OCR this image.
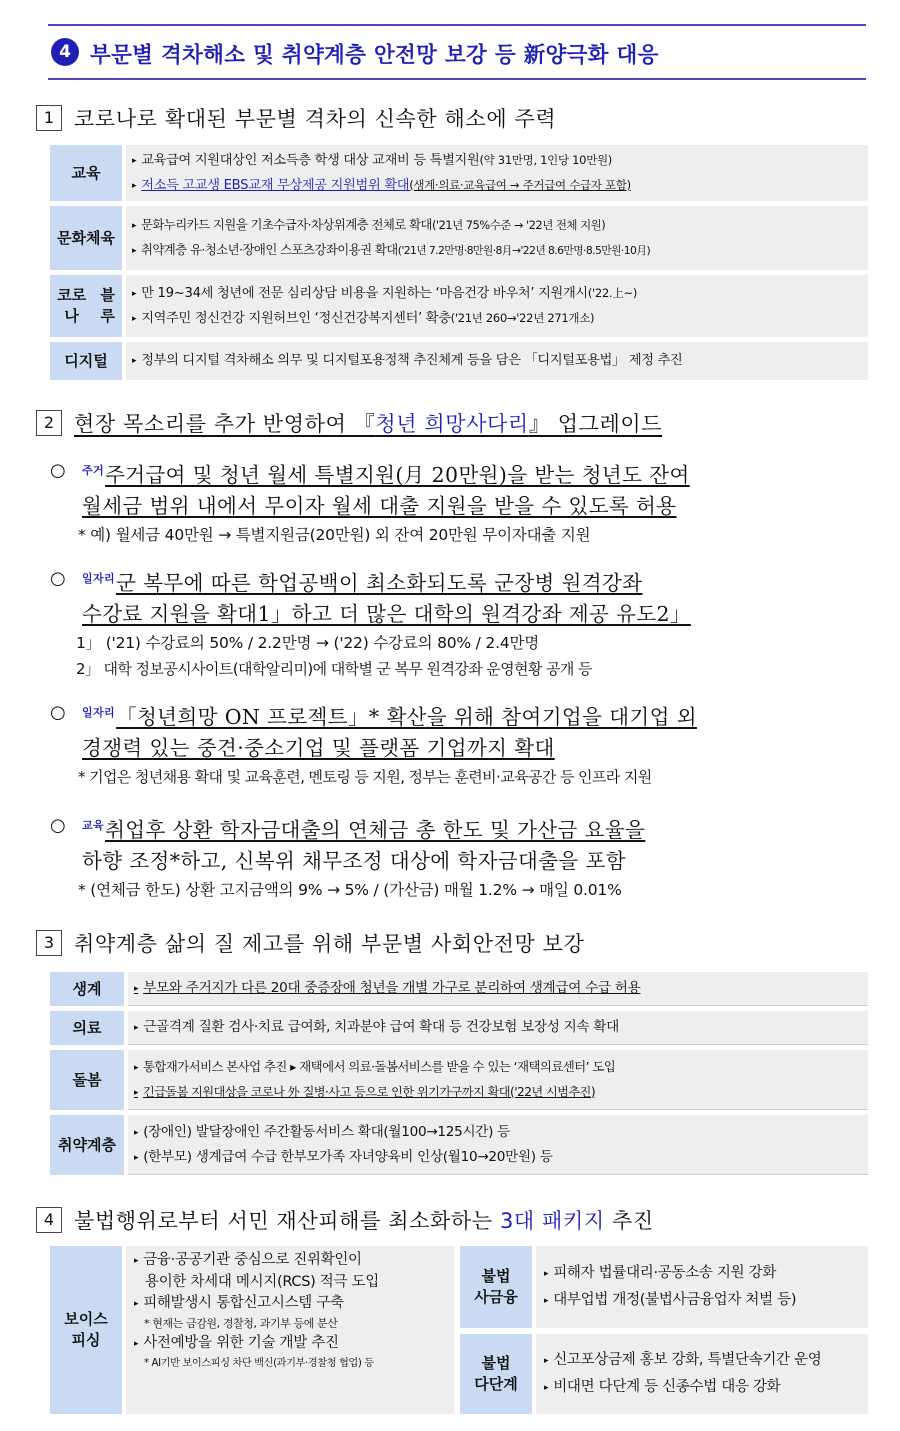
4 부문별 격차해소 및 취약계층 안전망 보강 등 新양극화 대응
1 코로나로 확대된 부문별 격차의 신속한 해소에 주력
교육
▸ 교육급여 지원대상인 저소득층 학생 대상 교재비 등 특별지원(약 31만명, 1인당 10만원)
▸ 저소득 고교생 EBS교재 무상제공 지원범위 확대(생계·의료·교육급여 → 주거급여 수급자 포함)
문화 체육
▸ 문화누리카드 지원을 기초수급자·차상위계층 전체로 확대('21년 75%수준 → '22년 전체 지원)
▸ 취약계층 유·청소년·장애인 스포츠강좌이용권 확대('21년 7.2만명·8만원·8月→'22년 8.6만명·8.5만원·10月)
코로나

블루
▸ 만 19~34세 청년에 전문 심리상담 비용을 지원하는 ‘마음건강 바우처’ 지원개시('22.上~)
▸ 지역주민 정신건강 지원허브인 ‘정신건강복지센터’ 확충('21년 260→'22년 271개소)
디지털	▸ 정부의 디지털 격차해소 의무 및 디지털포용정책 추진체계 등을 담은 「디지털포용법」 제정 추진
2 현장 목소리를 추가 반영하여 『청년 희망사다리』 업그레이드
○	$^{주거}$주거급여 및 청년 월세 특별지원(月 20만원)을 받는 청년도 잔여
월세금 범위 내에서 무이자 월세 대출 지원을 받을 수 있도록 허용
* 예) 월세금 40만원 → 특별지원금(20만원) 외 잔여 20만원 무이자대출 지원
○	$^{일자리}$군 복무에 따른 학업공백이 최소화되도록 군장병 원격강좌
수강료 지원을 확대1」하고 더 많은 대학의 원격강좌 제공 유도2」
1」 ('21) 수강료의 50% / 2.2만명 → ('22) 수강료의 80% / 2.4만명
2」 대학 정보공시사이트(대학알리미)에 대학별 군 복무 원격강좌 운영현황 공개 등
○	$^{일자리}$「청년희망 ON 프로젝트」* 확산을 위해 참여기업을 대기업 외
경쟁력 있는 중견·중소기업 및 플랫폼 기업까지 확대
* 기업은 청년채용 확대 및 교육훈련, 멘토링 등 지원, 정부는 훈련비·교육공간 등 인프라 지원
○	$^{교육}$취업후 상환 학자금대출의 연체금 총 한도 및 가산금 요율을
하향 조정*하고, 신복위 채무조정 대상에 학자금대출을 포함
* (연체금 한도) 상환 고지금액의 9% → 5% / (가산금) 매월 1.2% → 매일 0.01%
3 취약계층 삶의 질 제고를 위해 부문별 사회안전망 보강
생계	▸ 부모와 주거지가 다른 20대 중증장애 청년을 개별 가구로 분리하여 생계급여 수급 허용
의료	▸ 근골격계 질환 검사·치료 급여화, 치과분야 급여 확대 등 건강보험 보장성 지속 확대
돌봄
▸ 통합재가서비스 본사업 추진 ▸ 재택에서 의료·돌봄서비스를 받을 수 있는 ‘재택의료센터’ 도입
▸ 긴급돌봄 지원대상을 코로나 外 질병·사고 등으로 인한 위기가구까지 확대('22년 시범추진)
취약 계층
▸ (장애인) 발달장애인 주간활동서비스 확대(월100→125시간) 등
▸ (한부모) 생계급여 수급 한부모가족 자녀양육비 인상(월10→20만원) 등
4 불법행위로부터 서민 재산피해를 최소화하는 3대 패키지 추진
보이스
피싱
▸ 금융·공공기관 중심으로 진위확인이
용이한 차세대 메시지(RCS) 적극 도입
▸ 피해발생시 통합신고시스템 구축
* 현재는 금감원, 경찰청, 과기부 등에 분산
▸ 사전예방을 위한 기술 개발 추진
* AI기반 보이스피싱 차단 백신(과기부·경찰청 협업) 등
불법
사금융
▸ 피해자 법률대리·공동소송 지원 강화
▸ 대부업법 개정(불법사금융업자 처벌 등)
불법
다단계
▸ 신고포상금제 홍보 강화, 특별단속기간 운영
▸ 비대면 다단계 등 신종수법 대응 강화
